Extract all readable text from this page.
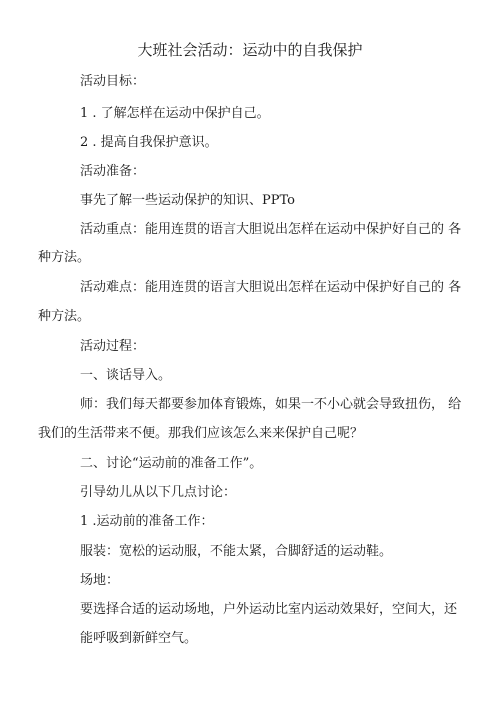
大班社会活动：运动中的自我保护
活动目标：
1 . 了解怎样在运动中保护自己。
2 . 提高自我保护意识。
活动准备：
事先了解一些运动保护的知识、PPTo
活动重点：能用连贯的语言大胆说出怎样在运动中保护好自己的 各
种方法。
活动难点：能用连贯的语言大胆说出怎样在运动中保护好自己的 各
种方法。
活动过程：
一、谈话导入。
师：我们每天都要参加体育锻炼，如果一不小心就会导致扭伤， 给
我们的生活带来不便。那我们应该怎么来来保护自己呢？
二、讨论“运动前的准备工作”。
引导幼儿从以下几点讨论：
1 .运动前的准备工作：
服装：宽松的运动服，不能太紧，合脚舒适的运动鞋。
场地：
要选择合适的运动场地，户外运动比室内运动效果好，空间大，还
能呼吸到新鲜空气。
